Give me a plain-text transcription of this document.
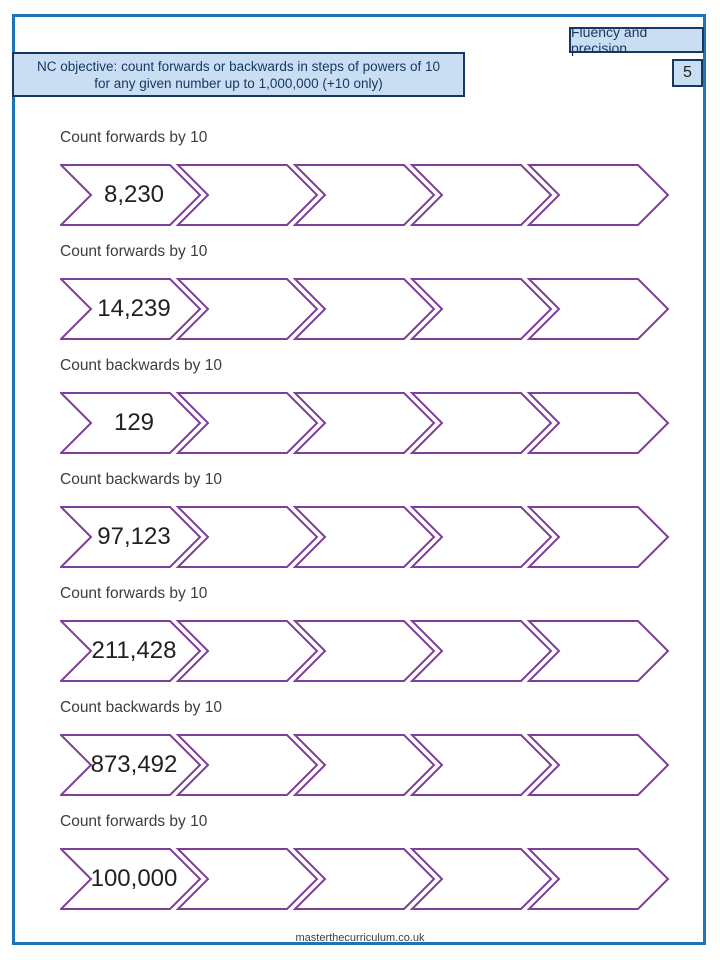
Fluency and precision
5
NC objective: count forwards or backwards in steps of powers of 10 for any given number up to 1,000,000 (+10 only)
Count forwards by 10
8,230
Count forwards by 10
14,239
Count backwards by 10
129
Count backwards by 10
97,123
Count forwards by 10
211,428
Count backwards by 10
873,492
Count forwards by 10
100,000
masterthecurriculum.co.uk
